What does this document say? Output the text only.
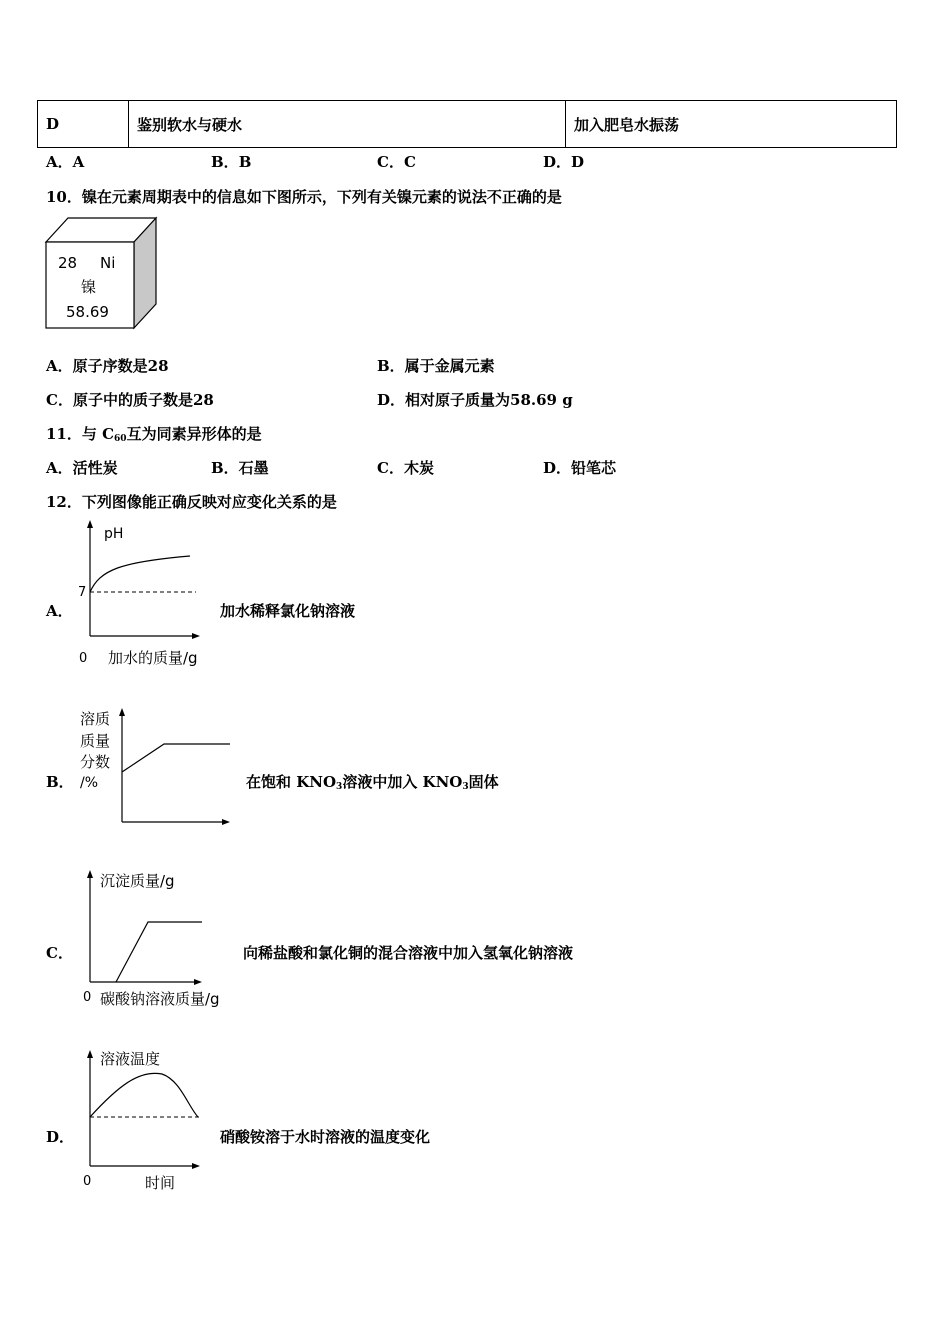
D	鉴别软水与硬水	加入肥皂水振荡
A．A	B．B	C．C	D．D
10．镍在元素周期表中的信息如下图所示，下列有关镍元素的说法不正确的是
28 Ni
镍
58.69
A．原子序数是28	B．属于金属元素
C．原子中的质子数是28	D．相对原子质量为58.69 g
11．与 C60互为同素异形体的是
A．活性炭	B．石墨	C．木炭	D．铅笔芯
12．下列图像能正确反映对应变化关系的是
A．
pH
7
0 加水的质量/g
加水稀释氯化钠溶液
B．
溶质
质量
分数
/%	在饱和 KNO3溶液中加入 KNO3固体
C．
沉淀质量/g
0 碳酸钠溶液质量/g
向稀盐酸和氯化铜的混合溶液中加入氢氧化钠溶液
D．
溶液温度
0	时间
硝酸铵溶于水时溶液的温度变化
